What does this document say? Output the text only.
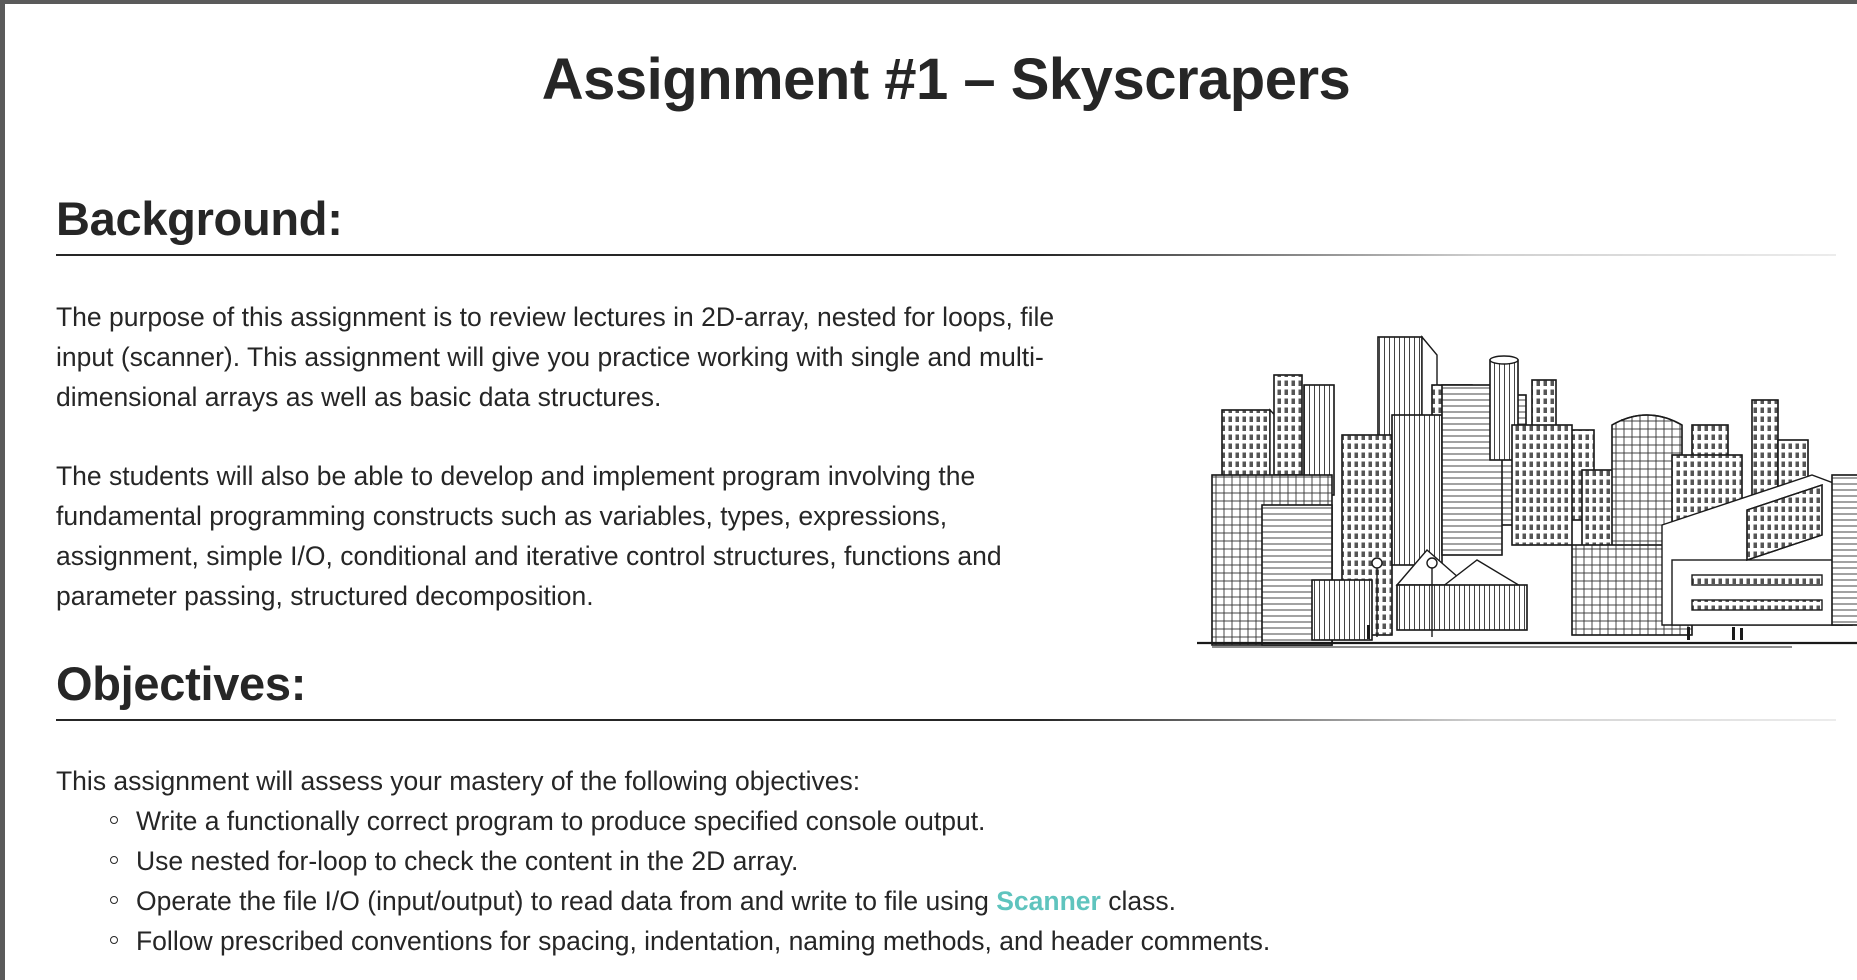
Assignment #1 – Skyscrapers
Background:

The purpose of this assignment is to review lectures in 2D-array, nested for loops, file
input (scanner). This assignment will give you practice working with single and multi-
dimensional arrays as well as basic data structures.

The students will also be able to develop and implement program involving the
fundamental programming constructs such as variables, types, expressions,
assignment, simple I/O, conditional and iterative control structures, functions and
parameter passing, structured decomposition.

Objectives:

This assignment will assess your mastery of the following objectives:

Write a functionally correct program to produce specified console output.
Use nested for-loop to check the content in the 2D array.
Operate the file I/O (input/output) to read data from and write to file using Scanner class.
Follow prescribed conventions for spacing, indentation, naming methods, and header comments.
